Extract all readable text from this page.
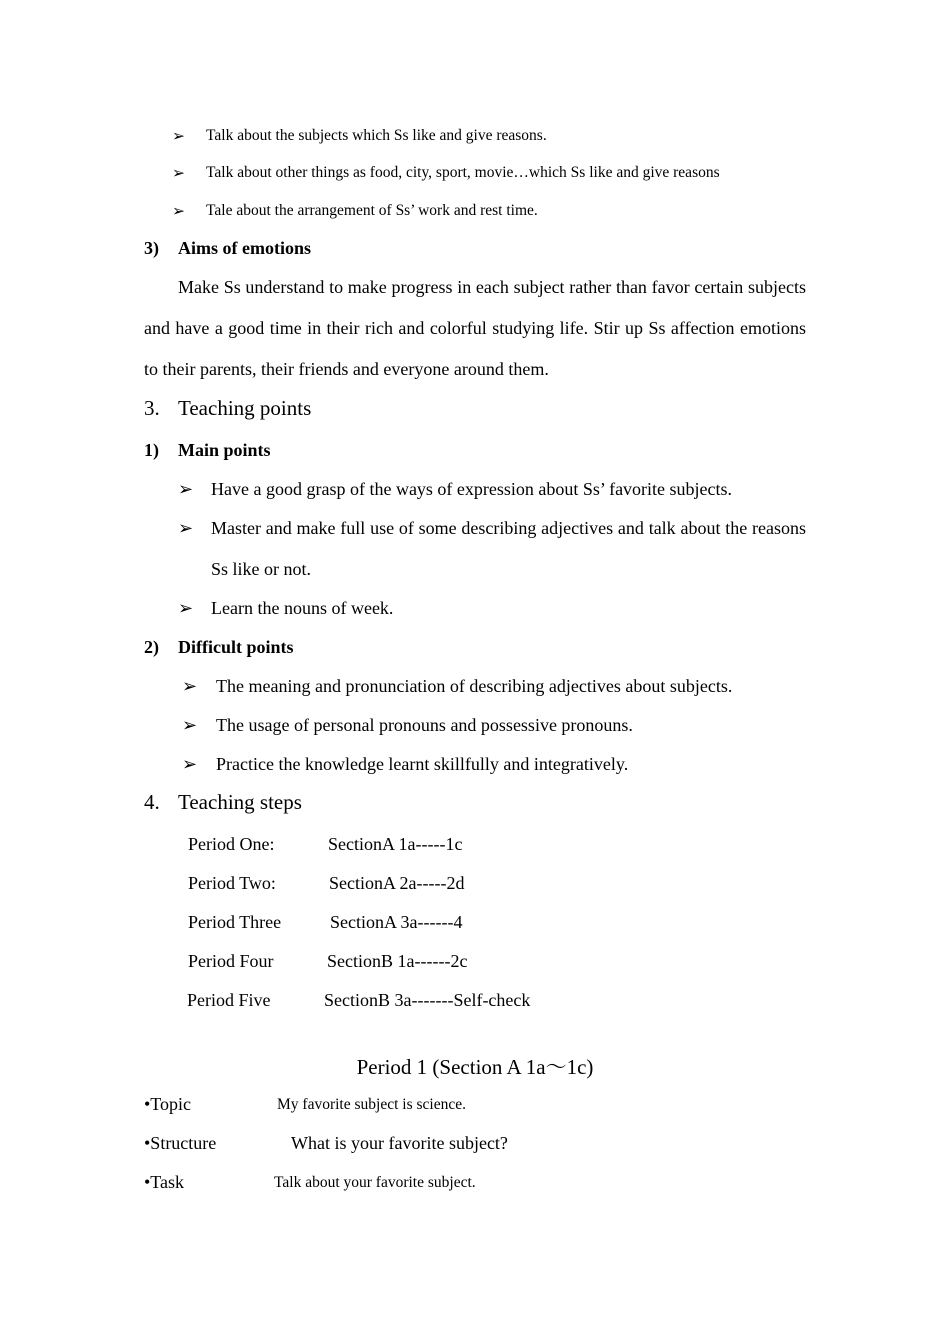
➢ Talk about the subjects which Ss like and give reasons.
➢ Talk about other things as food, city, sport, movie…which Ss like and give reasons
➢ Tale about the arrangement of Ss’ work and rest time.
3) Aims of emotions
Make Ss understand to make progress in each subject rather than favor certain subjects and have a good time in their rich and colorful studying life. Stir up Ss affection emotions to their parents, their friends and everyone around them.
3. Teaching points
1) Main points
➢ Have a good grasp of the ways of expression about Ss’ favorite subjects.
➢ Master and make full use of some describing adjectives and talk about the reasons Ss like or not.
➢ Learn the nouns of week.
2) Difficult points
➢ The meaning and pronunciation of describing adjectives about subjects.
➢ The usage of personal pronouns and possessive pronouns.
➢ Practice the knowledge learnt skillfully and integratively.
4. Teaching steps
Period One:	SectionA 1a-----1c
Period Two:	SectionA 2a-----2d
Period Three	SectionA 3a------4
Period Four	SectionB 1a------2c
Period Five	SectionB 3a-------Self-check
Period 1 (Section A 1a～1c)
•Topic	My favorite subject is science.
•Structure	What is your favorite subject?
•Task	Talk about your favorite subject.
